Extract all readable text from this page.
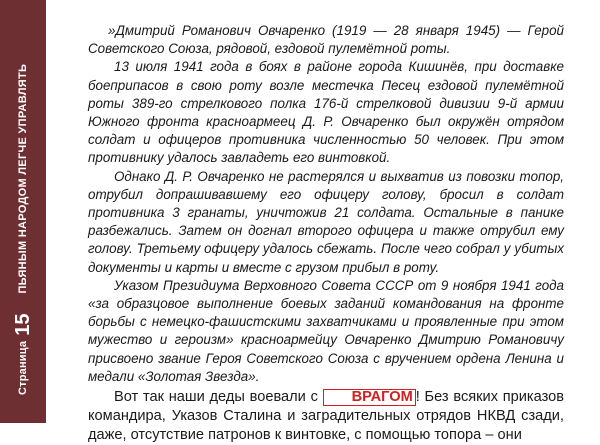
Страница
15
ПЬЯНЫМ НАРОДОМ ЛЕГЧЕ УПРАВЛЯТЬ

»Дмитрий Романович Овчаренко (1919 — 28 января 1945) — Герой Советского Союза, рядовой, ездовой пулемётной роты.

13 июля 1941 года в боях в районе города Кишинёв, при доставке боеприпасов в свою роту возле местечка Песец ездовой пулемётной роты 389-го стрелкового полка 176-й стрелковой дивизии 9-й армии Южного фронта красноармеец Д. Р. Овчаренко был окружён отрядом солдат и офицеров противника численностью 50 человек. При этом противнику удалось завладеть его винтовкой.

Однако Д. Р. Овчаренко не растерялся и выхватив из повозки топор, отрубил допрашивавшему его офицеру голову, бросил в солдат противника 3 гранаты, уничтожив 21 солдата. Остальные в панике разбежались. Затем он догнал второго офицера и также отрубил ему голову. Третьему офицеру удалось сбежать. После чего собрал у убитых документы и карты и вместе с грузом прибыл в роту.

Указом Президиума Верховного Совета СССР от 9 ноября 1941 года «за образцовое выполнение боевых заданий командования на фронте борьбы с немецко-фашистскими захватчиками и проявленные при этом мужество и героизм» красноармейцу Овчаренко Дмитрию Романовичу присвоено звание Героя Советского Союза с вручением ордена Ленина и медали «Золотая Звезда».

Вот так наши деды воевали с ВРАГОМ ! Без всяких приказов командира, Указов Сталина и заградительных отрядов НКВД сзади, даже, отсутствие патронов к винтовке, с помощью топора – они
